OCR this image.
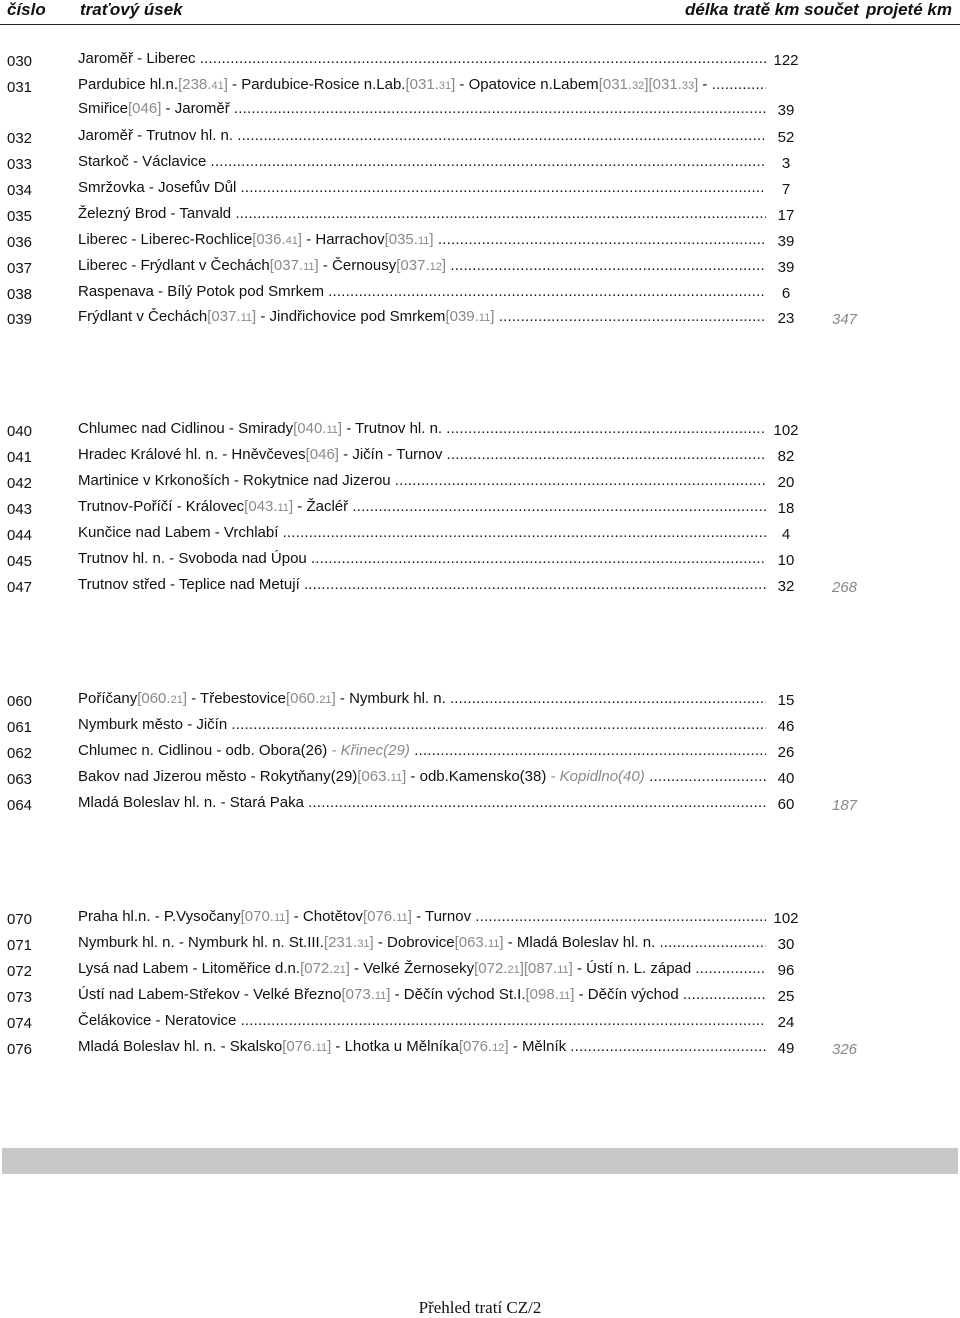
číslo traťový úsek	délka tratě km součet projeté km
030	Jaroměř - Liberec .....	122
031	Pardubice hl.n.[238.41] - Pardubice-Rosice n.Lab.[031.31] - Opatovice n.Labem[031.32][031.33] - .....
Smiřice[046] - Jaroměř .....	39
032	Jaroměř - Trutnov hl. n. .....	52
033	Starkoč - Václavice .....	3
034	Smržovka - Josefův Důl .....	7
035	Železný Brod - Tanvald .....	17
036	Liberec - Liberec-Rochlice[036.41] - Harrachov[035.11] .....	39
037	Liberec - Frýdlant v Čechách[037.11] - Černousy[037.12] .....	39
038	Raspenava - Bílý Potok pod Smrkem .....	6
039	Frýdlant v Čechách[037.11] - Jindřichovice pod Smrkem[039.11] .....	23	347
040	Chlumec nad Cidlinou - Smirady[040.11] - Trutnov hl. n. .....	102
041	Hradec Králové hl. n. - Hněvčeves[046] - Jičín - Turnov .....	82
042	Martinice v Krkonoších - Rokytnice nad Jizerou .....	20
043	Trutnov-Poříčí - Královec[043.11] - Žacléř .....	18
044	Kunčice nad Labem - Vrchlabí .....	4
045	Trutnov hl. n. - Svoboda nad Úpou .....	10
047	Trutnov střed - Teplice nad Metují .....	32	268
060	Poříčany[060.21] - Třebestovice[060.21] - Nymburk hl. n. .....	15
061	Nymburk město - Jičín .....	46
062	Chlumec n. Cidlinou - odb. Obora(26) - Křinec(29) .....	26
063	Bakov nad Jizerou město - Rokytňany(29)[063.11] - odb.Kamensko(38) - Kopidlno(40) .....	40
064	Mladá Boleslav hl. n. - Stará Paka .....	60	187
070	Praha hl.n. - P.Vysočany[070.11] - Chotětov[076.11] - Turnov .....	102
071	Nymburk hl. n. - Nymburk hl. n. St.III.[231.31] - Dobrovice[063.11] - Mladá Boleslav hl. n. .....	30
072	Lysá nad Labem - Litoměřice d.n.[072.21] - Velké Žernoseky[072.21][087.11] - Ústí n. L. západ .....	96
073	Ústí nad Labem-Střekov - Velké Březno[073.11] - Děčín východ St.I.[098.11] - Děčín východ .....	25
074	Čelákovice - Neratovice .....	24
076	Mladá Boleslav hl. n. - Skalsko[076.11] - Lhotka u Mělníka[076.12] - Mělník .....	49	326
Přehled tratí CZ/2
